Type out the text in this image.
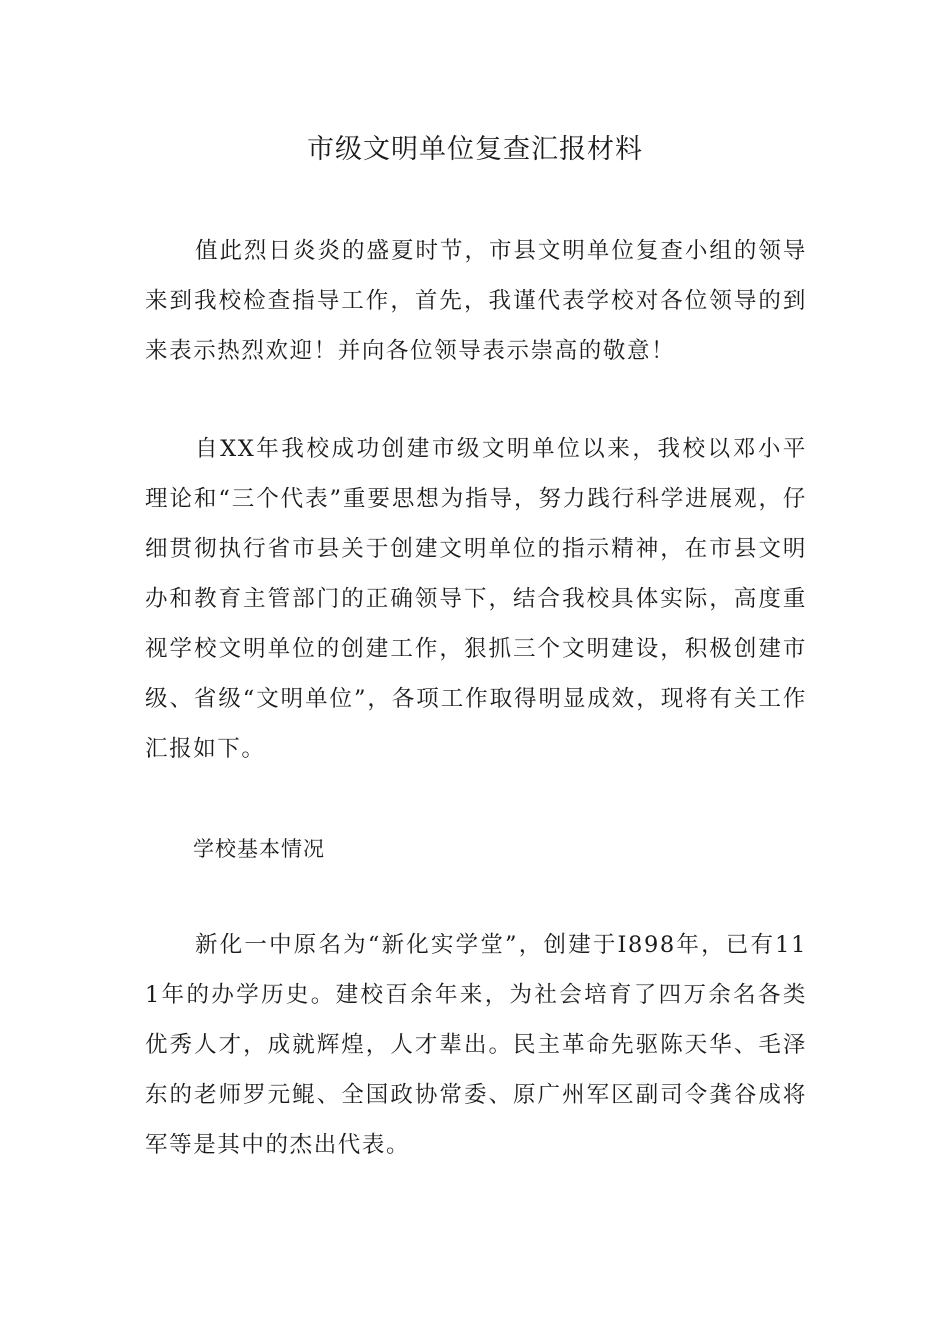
市级文明单位复查汇报材料

值此烈日炎炎的盛夏时节，市县文明单位复查小组的领导来到我校检查指导工作，首先，我谨代表学校对各位领导的到来表示热烈欢迎！并向各位领导表示崇高的敬意！

自XX年我校成功创建市级文明单位以来，我校以邓小平理论和“三个代表”重要思想为指导，努力践行科学进展观，仔细贯彻执行省市县关于创建文明单位的指示精神，在市县文明办和教育主管部门的正确领导下，结合我校具体实际，高度重视学校文明单位的创建工作，狠抓三个文明建设，积极创建市级、省级“文明单位”，各项工作取得明显成效，现将有关工作汇报如下。

学校基本情况

新化一中原名为“新化实学堂”，创建于I898年，已有111年的办学历史。建校百余年来，为社会培育了四万余名各类优秀人才，成就辉煌，人才辈出。民主革命先驱陈天华、毛泽东的老师罗元鲲、全国政协常委、原广州军区副司令龚谷成将军等是其中的杰出代表。
